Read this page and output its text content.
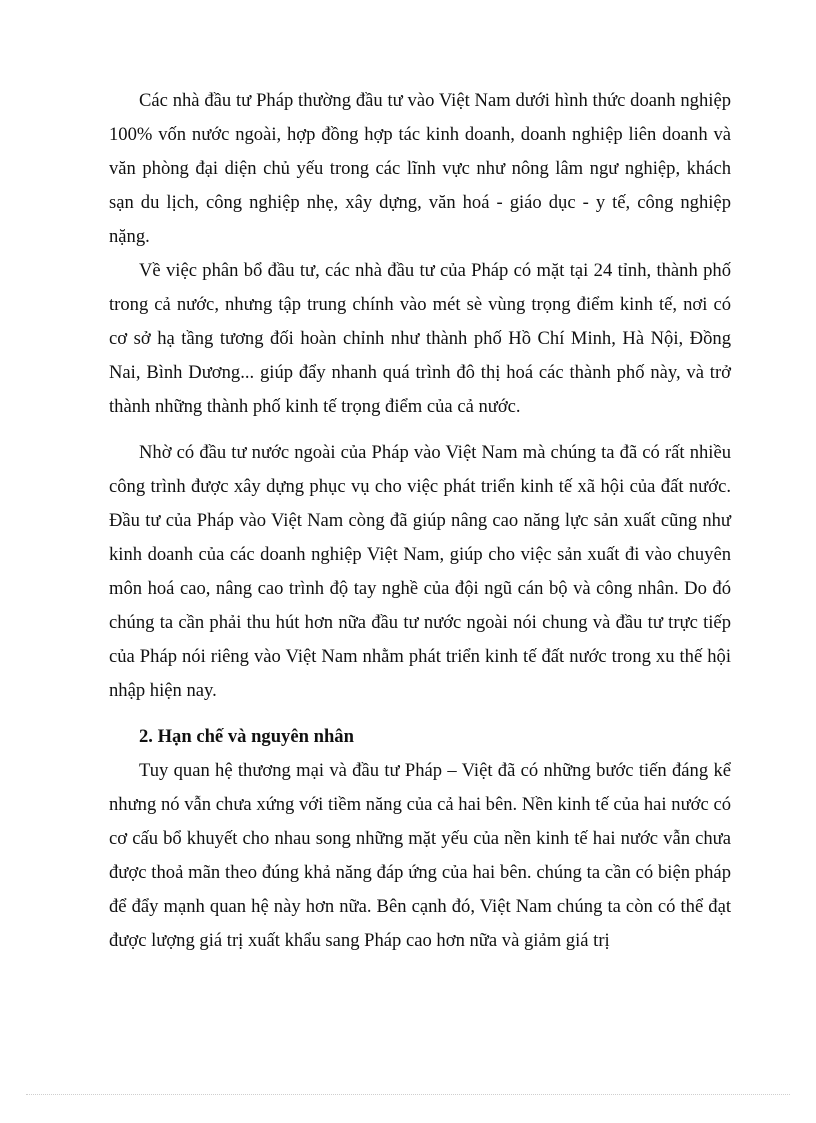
Các nhà đầu tư Pháp thường đầu tư vào Việt Nam dưới hình thức doanh nghiệp 100% vốn nước ngoài, hợp đồng hợp tác kinh doanh, doanh nghiệp liên doanh và văn phòng đại diện chủ yếu trong các lĩnh vực như nông lâm ngư nghiệp, khách sạn du lịch, công nghiệp nhẹ, xây dựng, văn hoá - giáo dục - y tế, công nghiệp nặng.

Về việc phân bổ đầu tư, các nhà đầu tư của Pháp có mặt tại 24 tỉnh, thành phố trong cả nước, nhưng tập trung chính vào mét sè vùng trọng điểm kinh tế, nơi có cơ sở hạ tầng tương đối hoàn chỉnh như thành phố Hồ Chí Minh, Hà Nội, Đồng Nai, Bình Dương... giúp đẩy nhanh quá trình đô thị hoá các thành phố này, và trở thành những thành phố kinh tế trọng điểm của cả nước.

Nhờ có đầu tư nước ngoài của Pháp vào Việt Nam mà chúng ta đã có rất nhiều công trình được xây dựng phục vụ cho việc phát triển kinh tế xã hội của đất nước. Đầu tư của Pháp vào Việt Nam còng đã giúp nâng cao năng lực sản xuất cũng như kinh doanh của các doanh nghiệp Việt Nam, giúp cho việc sản xuất đi vào chuyên môn hoá cao, nâng cao trình độ tay nghề của đội ngũ cán bộ và công nhân. Do đó chúng ta cần phải thu hút hơn nữa đầu tư nước ngoài nói chung và đầu tư trực tiếp của Pháp nói riêng vào Việt Nam nhằm phát triển kinh tế đất nước trong xu thế hội nhập hiện nay.

2. Hạn chế và nguyên nhân

Tuy quan hệ thương mại và đầu tư Pháp – Việt đã có những bước tiến đáng kể nhưng nó vẫn chưa xứng với tiềm năng của cả hai bên. Nền kinh tế của hai nước có cơ cấu bổ khuyết cho nhau song những mặt yếu của nền kinh tế hai nước vẫn chưa được thoả mãn theo đúng khả năng đáp ứng của hai bên. chúng ta cần có biện pháp để đẩy mạnh quan hệ này hơn nữa. Bên cạnh đó, Việt Nam chúng ta còn có thể đạt được lượng giá trị xuất khẩu sang Pháp cao hơn nữa và giảm giá trị
